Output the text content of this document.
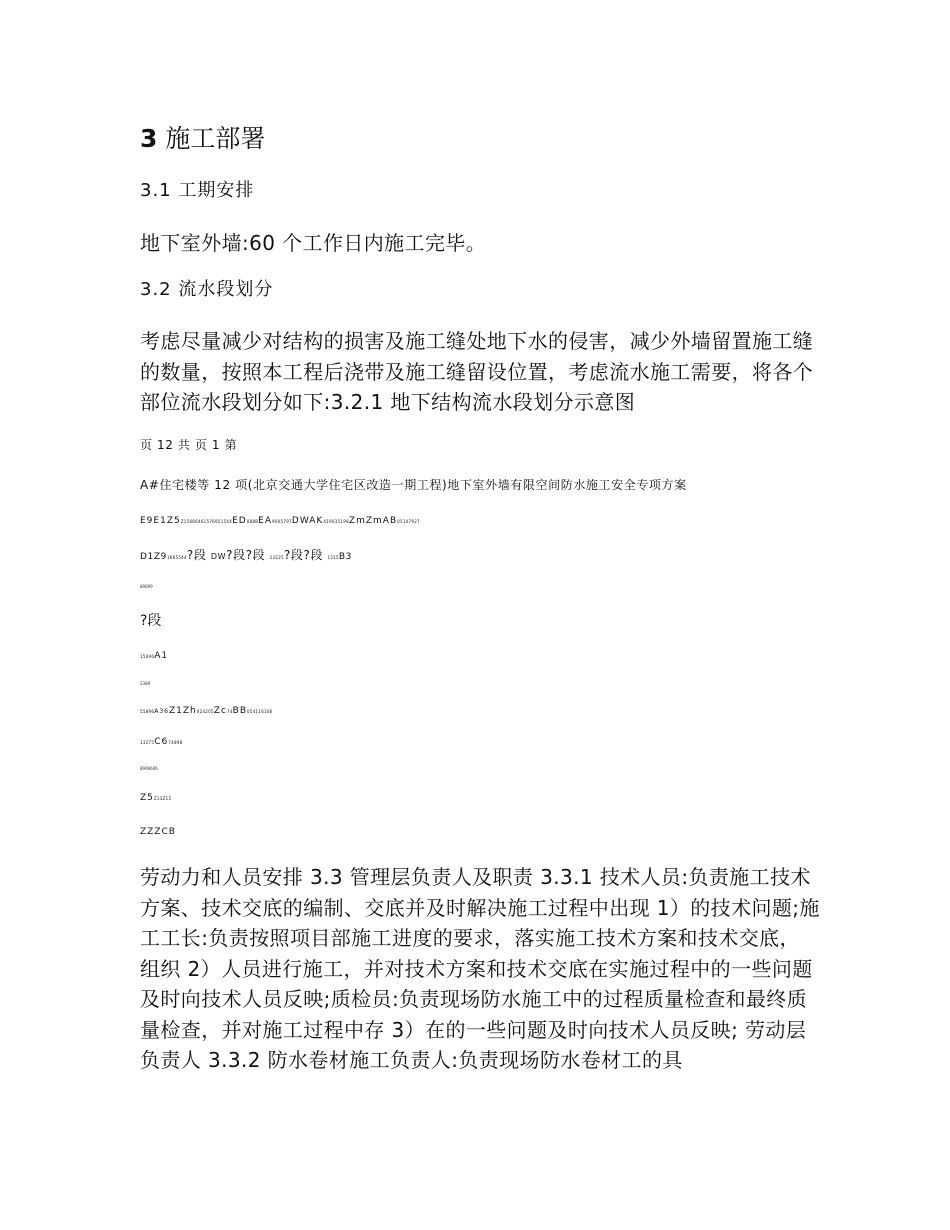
3 施工部署
3.1 工期安排
地下室外墙:60 个工作日内施工完毕。
3.2 流水段划分
考虑尽量减少对结构的损害及施工缝处地下水的侵害，减少外墙留置施工缝的数量，按照本工程后浇带及施工缝留设位置，考虑流水施工需要，将各个部位流水段划分如下:3.2.1 地下结构流水段划分示意图
页 12 共 页 1 第
A#住宅楼等 12 项(北京交通大学住宅区改造一期工程)地下室外墙有限空间防水施工安全专项方案
E9E1Z5Z15666461576951544ED0888EA9005797DWAK419035198ZmZmAB05147927
D1Z91665544?段 DW?段?段 13225?段?段 1515B3
89699
?段
15696A1
2389
55896A36Z1Zh024205Zc74BB054116166
13275C674898
8999606
Z5Z13Z15
ZZZCB
劳动力和人员安排 3.3 管理层负责人及职责 3.3.1 技术人员:负责施工技术方案、技术交底的编制、交底并及时解决施工过程中出现 1）的技术问题;施工工长:负责按照项目部施工进度的要求，落实施工技术方案和技术交底，组织 2）人员进行施工，并对技术方案和技术交底在实施过程中的一些问题及时向技术人员反映;质检员:负责现场防水施工中的过程质量检查和最终质量检查，并对施工过程中存 3）在的一些问题及时向技术人员反映; 劳动层负责人 3.3.2 防水卷材施工负责人:负责现场防水卷材工的具
